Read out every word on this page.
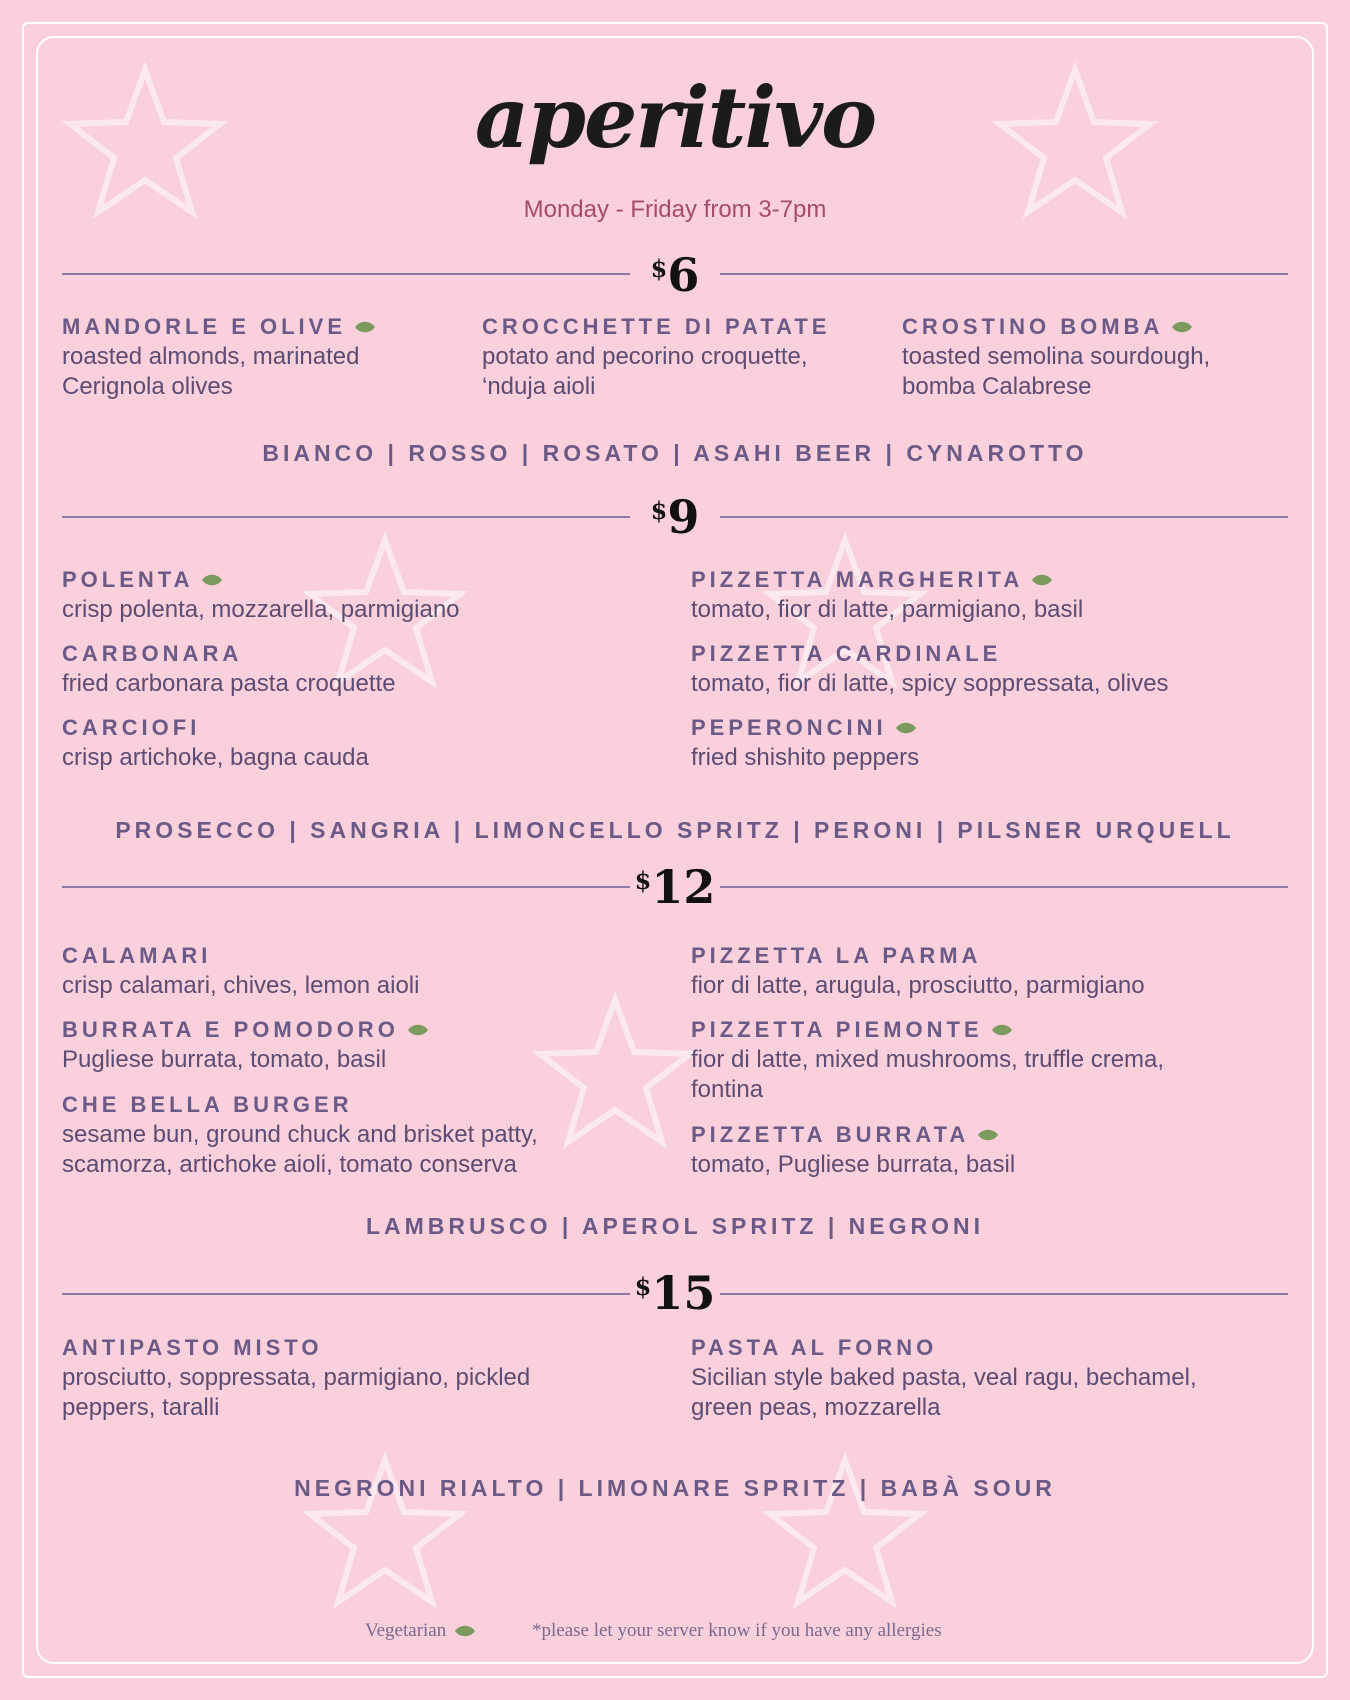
aperitivo
Monday - Friday from 3-7pm
$6
MANDORLE E OLIVE
roasted almonds, marinated
Cerignola olives
CROCCHETTE DI PATATE
potato and pecorino croquette,
‘nduja aioli
CROSTINO BOMBA
toasted semolina sourdough,
bomba Calabrese
BIANCO | ROSSO | ROSATO | ASAHI BEER | CYNAROTTO
$9
POLENTA
crisp polenta, mozzarella, parmigiano
CARBONARA
fried carbonara pasta croquette
CARCIOFI
crisp artichoke, bagna cauda
PIZZETTA MARGHERITA
tomato, fior di latte, parmigiano, basil
PIZZETTA CARDINALE
tomato, fior di latte, spicy soppressata, olives
PEPERONCINI
fried shishito peppers
PROSECCO | SANGRIA | LIMONCELLO SPRITZ | PERONI | PILSNER URQUELL
$12
CALAMARI
crisp calamari, chives, lemon aioli
BURRATA E POMODORO
Pugliese burrata, tomato, basil
CHE BELLA BURGER
sesame bun, ground chuck and brisket patty,
scamorza, artichoke aioli, tomato conserva
PIZZETTA LA PARMA
fior di latte, arugula, prosciutto, parmigiano
PIZZETTA PIEMONTE
fior di latte, mixed mushrooms, truffle crema,
fontina
PIZZETTA BURRATA
tomato, Pugliese burrata, basil
LAMBRUSCO | APEROL SPRITZ | NEGRONI
$15
ANTIPASTO MISTO
prosciutto, soppressata, parmigiano, pickled
peppers, taralli
PASTA AL FORNO
Sicilian style baked pasta, veal ragu, bechamel,
green peas, mozzarella
NEGRONI RIALTO | LIMONARE SPRITZ | BABÀ SOUR
Vegetarian	*please let your server know if you have any allergies
